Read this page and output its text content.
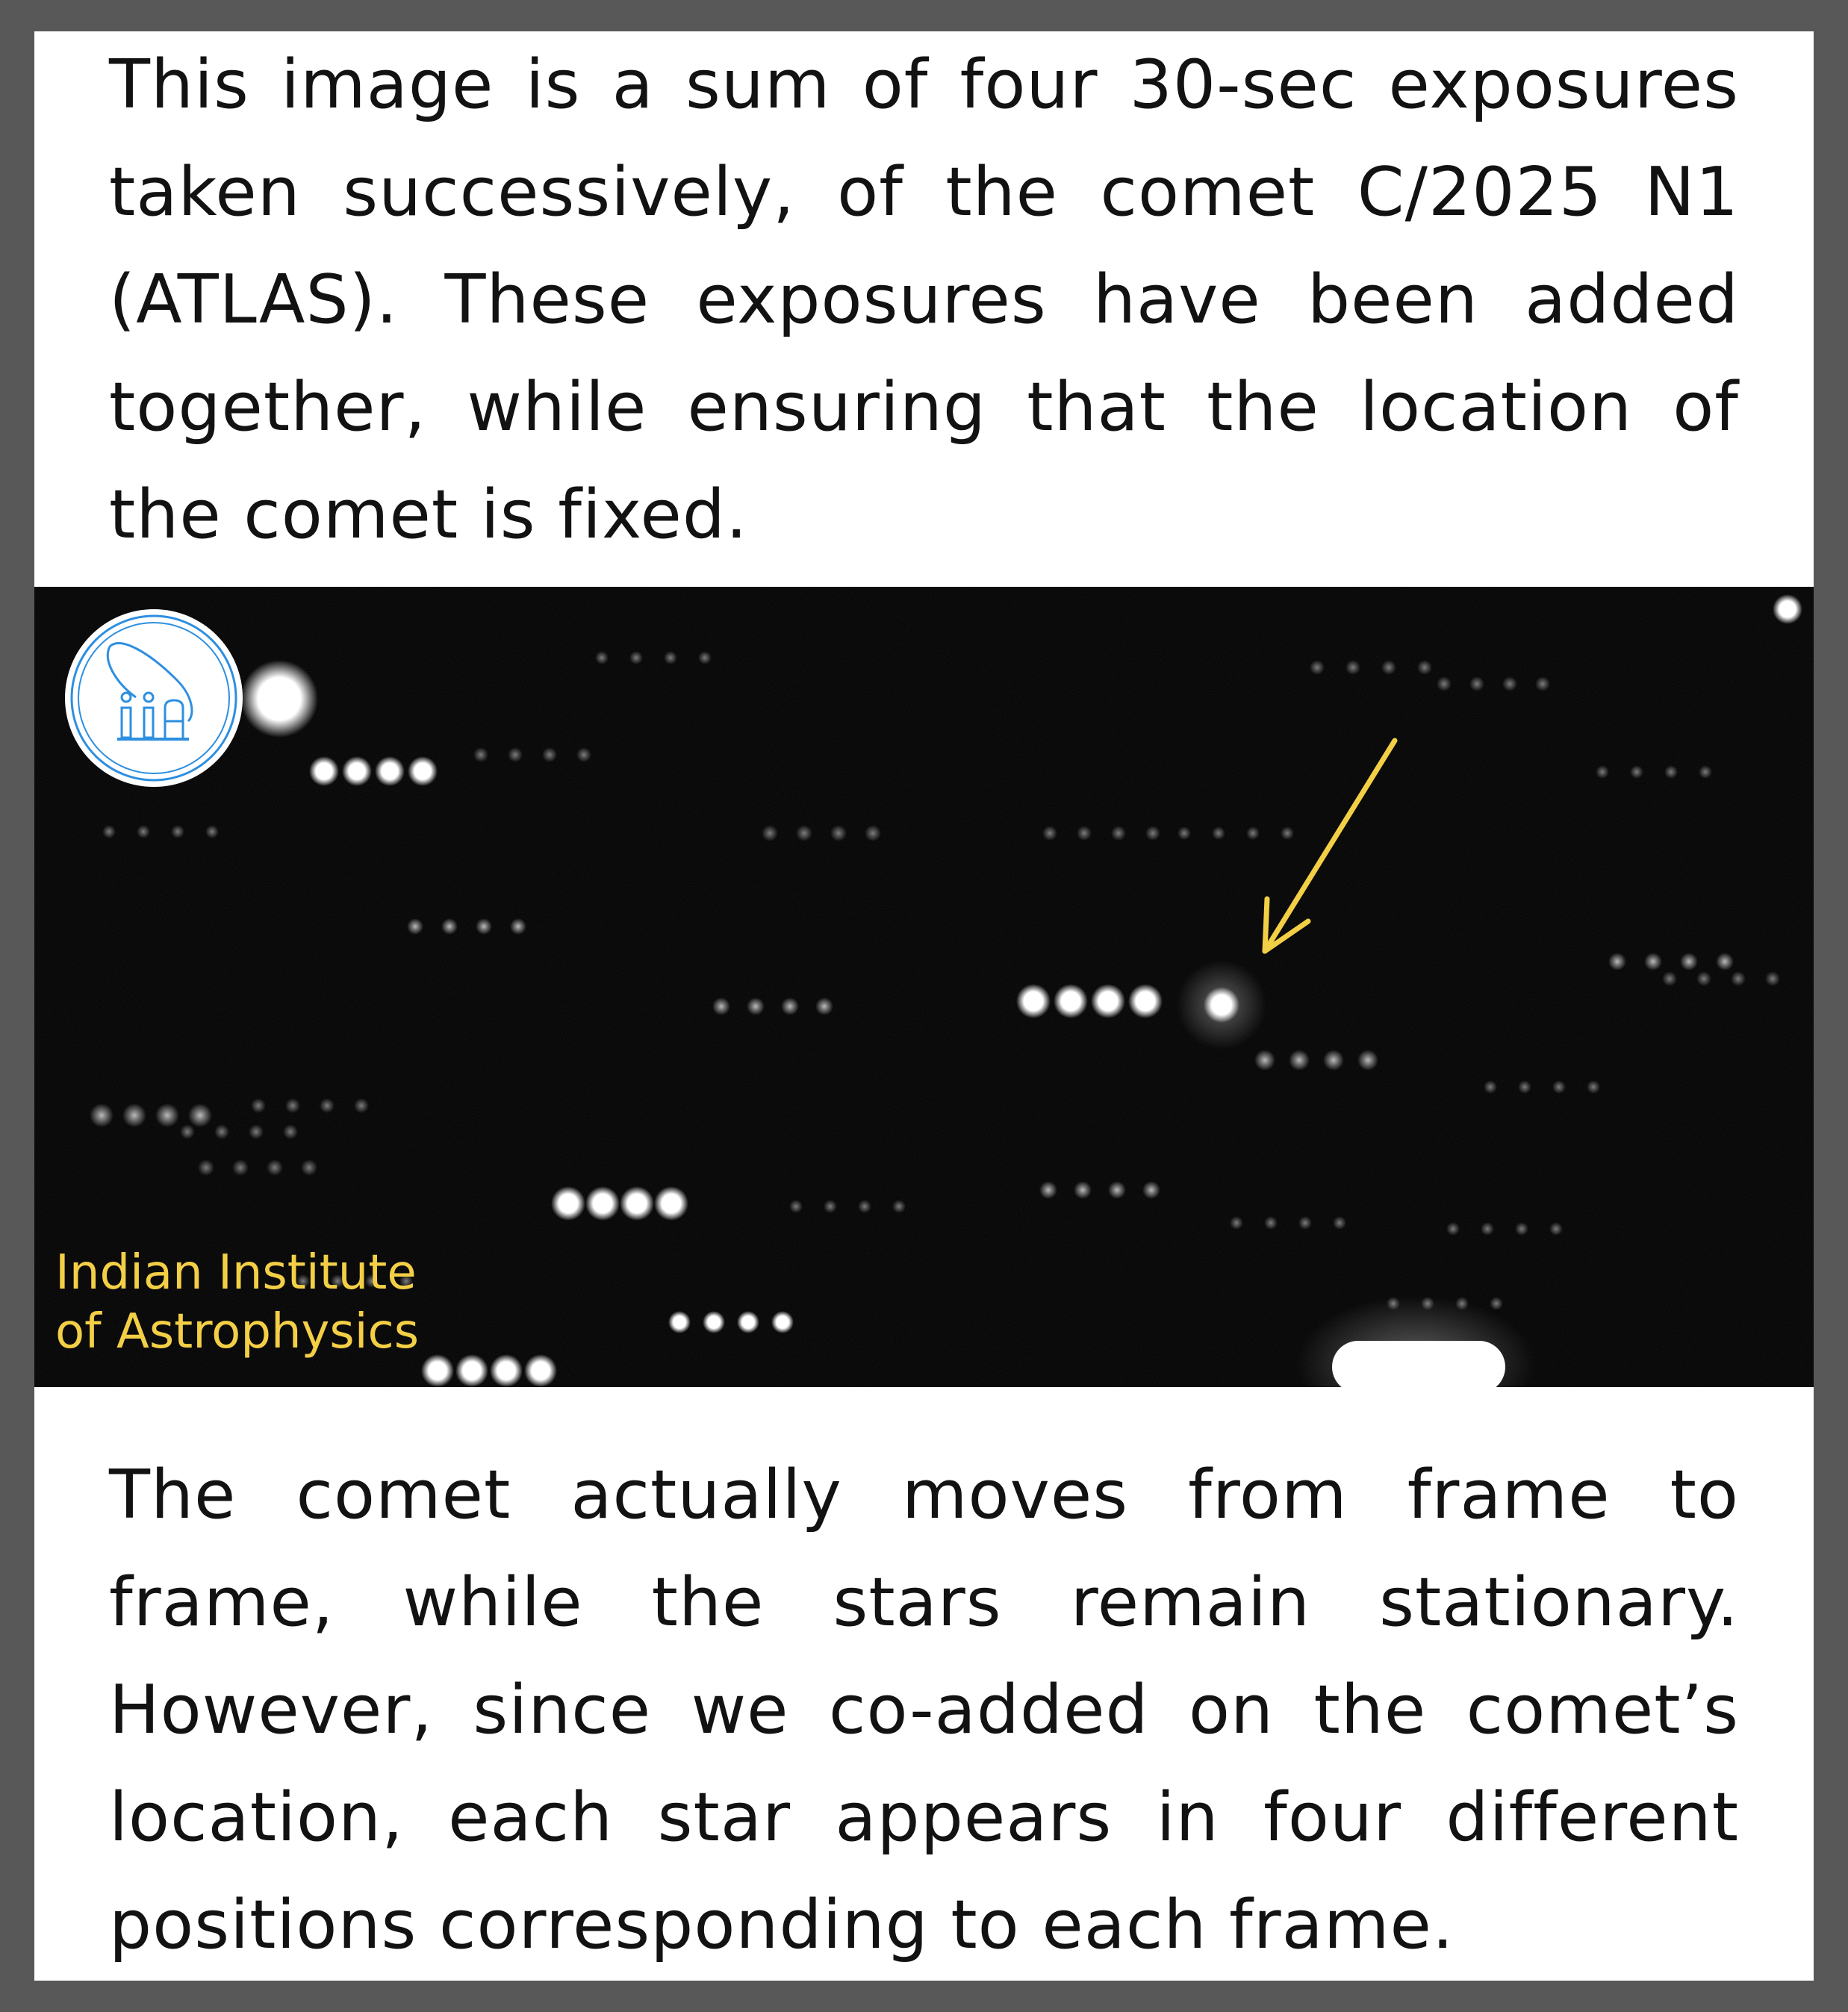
This image is a sum of four 30-sec exposures taken successively, of the comet C/2025 N1 (ATLAS). These exposures have been added together, while ensuring that the location of the comet is fixed.

Indian Institute
of Astrophysics

The comet actually moves from frame to frame, while the stars remain stationary. However, since we co-added on the comet’s location, each star appears in four different positions corresponding to each frame.
